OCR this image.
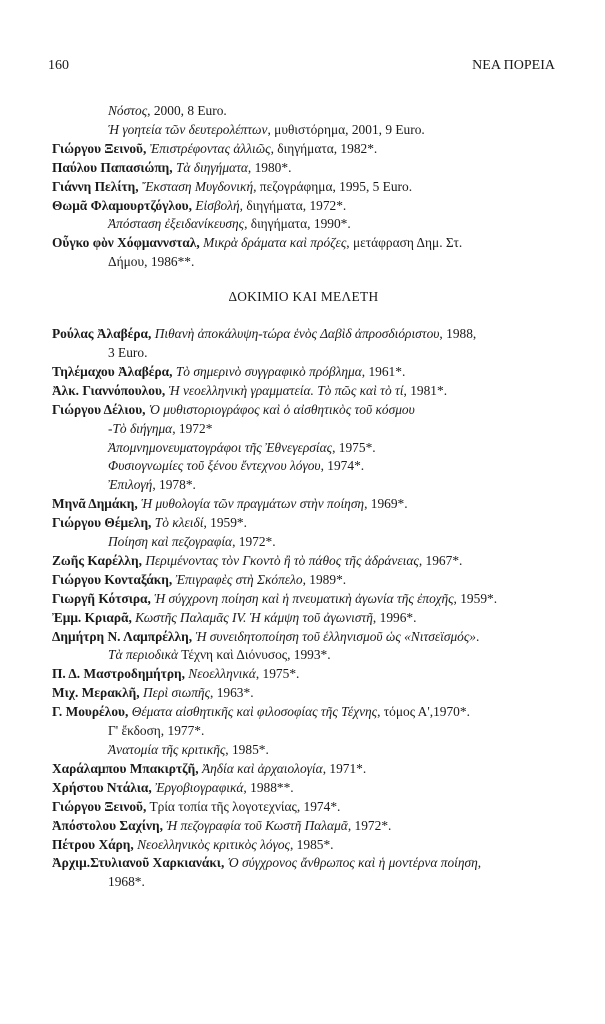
160	ΝΕΑ ΠΟΡΕΙΑ
Νόστος, 2000, 8 Euro.
Ἡ γοητεία τῶν δευτερολέπτων, μυθιστόρημα, 2001, 9 Euro.
Γιώργου Ξεινοῦ, Ἐπιστρέφοντας ἀλλιῶς, διηγήματα, 1982*.
Παύλου Παπασιώπη, Τὰ διηγήματα, 1980*.
Γιάννη Πελίτη, Ἔκσταση Μυγδονική, πεζογράφημα, 1995, 5 Euro.
Θωμᾶ Φλαμουρτζόγλου, Εἰσβολή, διηγήματα, 1972*.
Ἀπόσταση ἐξειδανίκευσης, διηγήματα, 1990*.
Οὖγκο φὸν Χόφμαννσταλ, Μικρὰ δράματα καὶ πρόζες, μετάφραση Δημ. Στ.
Δήμου, 1986**.
ΔΟΚΙΜΙΟ ΚΑΙ ΜΕΛΕΤΗ
Ρούλας Ἀλαβέρα, Πιθανὴ ἀποκάλυψη-τώρα ἑνὸς Δαβὶδ ἀπροσδιόριστου, 1988,
3 Euro.
Τηλέμαχου Ἀλαβέρα, Τὸ σημερινὸ συγγραφικὸ πρόβλημα, 1961*.
Ἀλκ. Γιαννόπουλου, Ἡ νεοελληνικὴ γραμματεία. Τὸ πῶς καὶ τὸ τί, 1981*.
Γιώργου Δέλιου, Ὁ μυθιστοριογράφος καὶ ὁ αἰσθητικὸς τοῦ κόσμου
-Τὸ διήγημα, 1972*
Ἀπομνημονευματογράφοι τῆς Ἐθνεγερσίας, 1975*.
Φυσιογνωμίες τοῦ ξένου ἔντεχνου λόγου, 1974*.
Ἐπιλογή, 1978*.
Μηνᾶ Δημάκη, Ἡ μυθολογία τῶν πραγμάτων στὴν ποίηση, 1969*.
Γιώργου Θέμελη, Τὸ κλειδί, 1959*.
Ποίηση καὶ πεζογραφία, 1972*.
Ζωῆς Καρέλλη, Περιμένοντας τὸν Γκοντὸ ἢ τὸ πάθος τῆς ἀδράνειας, 1967*.
Γιώργου Κονταξάκη, Ἐπιγραφὲς στὴ Σκόπελο, 1989*.
Γιωργῆ Κότσιρα, Ἡ σύγχρονη ποίηση καὶ ἡ πνευματικὴ ἀγωνία τῆς ἐποχῆς, 1959*.
Ἐμμ. Κριαρᾶ, Κωστῆς Παλαμᾶς IV. Ἡ κάμψη τοῦ ἀγωνιστῆ, 1996*.
Δημήτρη Ν. Λαμπρέλλη, Ἡ συνειδητοποίηση τοῦ ἑλληνισμοῦ ὡς «Νιτσεϊσμός».
Τὰ περιοδικὰ Τέχνη καὶ Διόνυσος, 1993*.
Π. Δ. Μαστροδημήτρη, Νεοελληνικά, 1975*.
Μιχ. Μερακλῆ, Περὶ σιωπῆς, 1963*.
Γ. Μουρέλου, Θέματα αἰσθητικῆς καὶ φιλοσοφίας τῆς Τέχνης, τόμος Α',1970*.
Γ' ἔκδοση, 1977*.
Ἀνατομία τῆς κριτικῆς, 1985*.
Χαράλαμπου Μπακιρτζῆ, Ἀηδία καὶ ἀρχαιολογία, 1971*.
Χρήστου Ντάλια, Ἐργοβιογραφικά, 1988**.
Γιώργου Ξεινοῦ, Τρία τοπία τῆς λογοτεχνίας, 1974*.
Ἀπόστολου Σαχίνη, Ἡ πεζογραφία τοῦ Κωστῆ Παλαμᾶ, 1972*.
Πέτρου Χάρη, Νεοελληνικὸς κριτικὸς λόγος, 1985*.
Ἀρχιμ.Στυλιανοῦ Χαρκιανάκι, Ὁ σύγχρονος ἄνθρωπος καὶ ἡ μοντέρνα ποίηση,
1968*.
